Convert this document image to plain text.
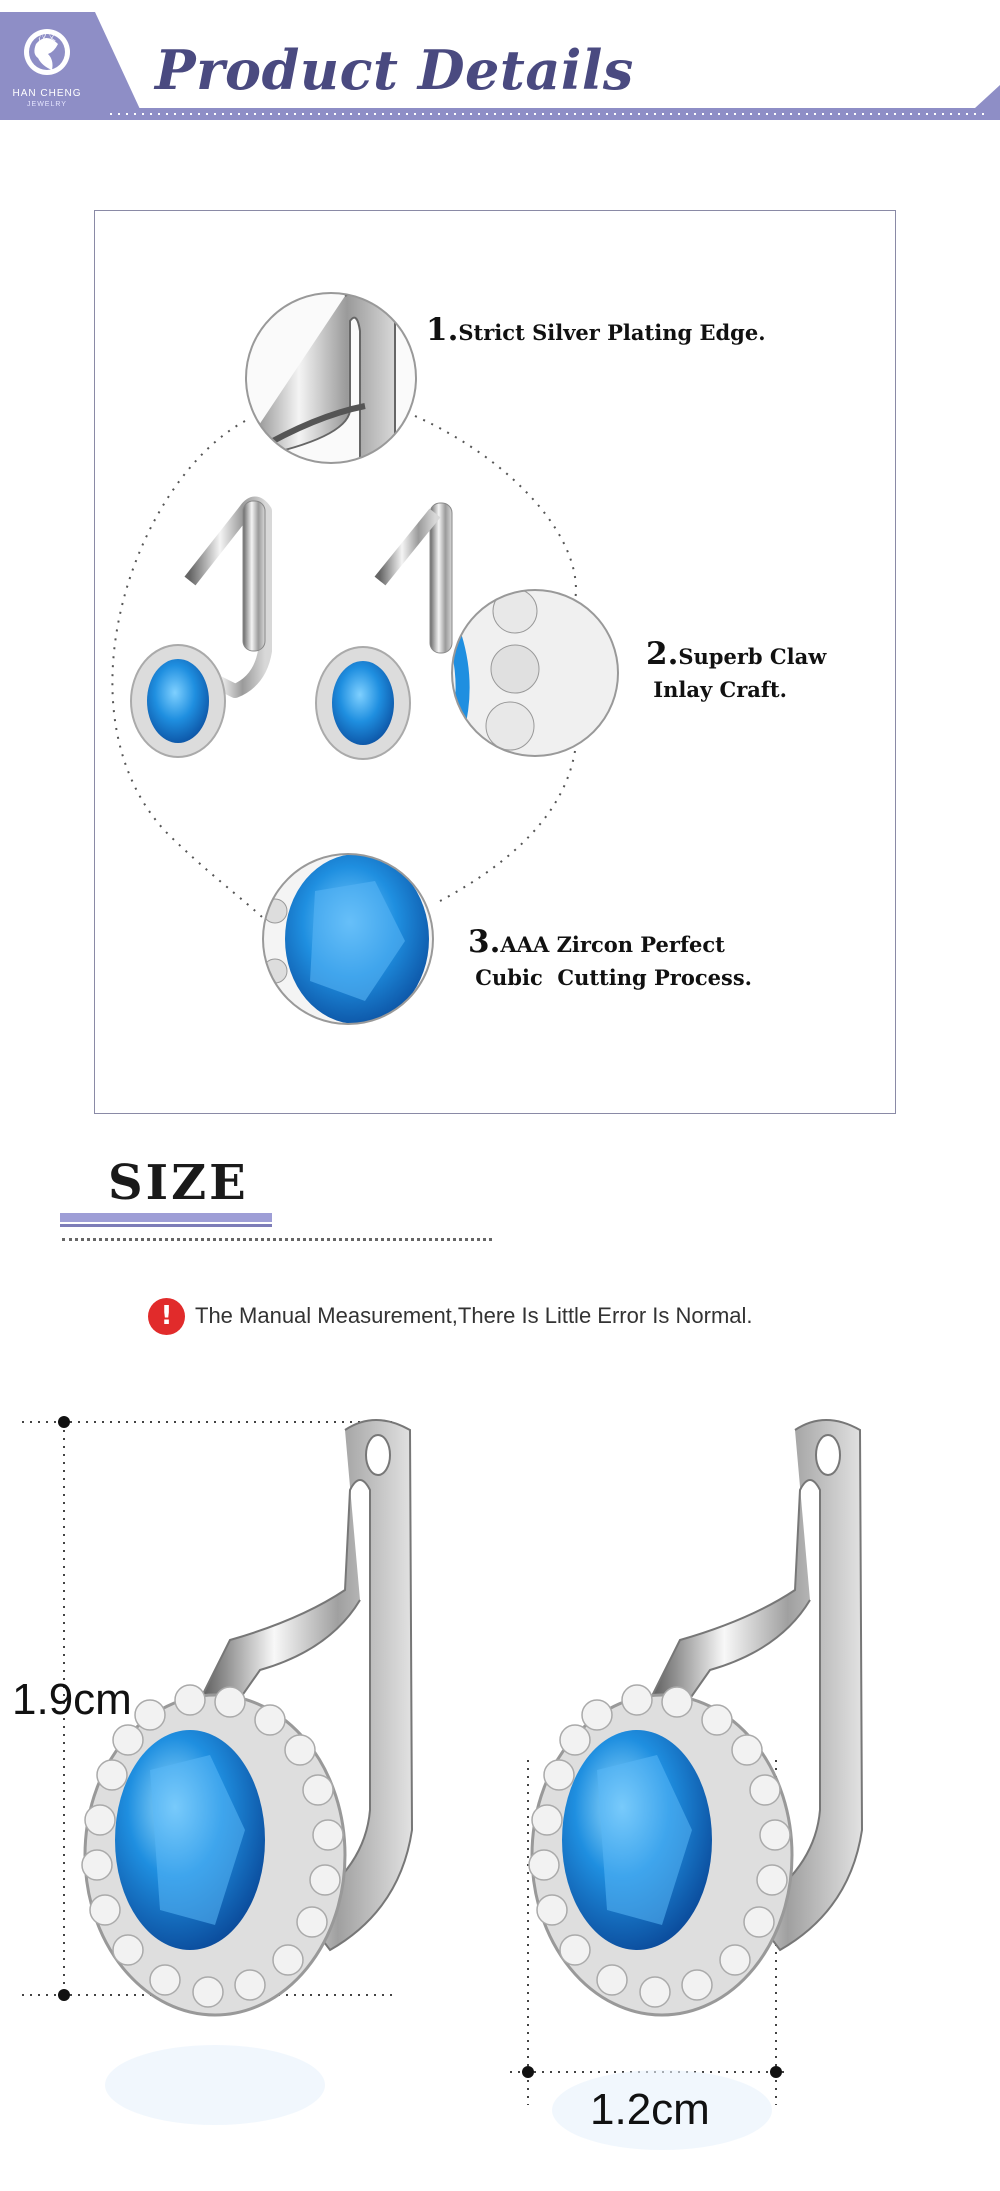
汉又
HAN CHENG
JEWELRY
Product Details
1.Strict Silver Plating Edge.
2.Superb Claw
Inlay Craft.
3.AAA Zircon Perfect
Cubic  Cutting Process.
SIZE
!	The Manual Measurement,There Is Little Error Is Normal.
1.9cm
1.2cm
